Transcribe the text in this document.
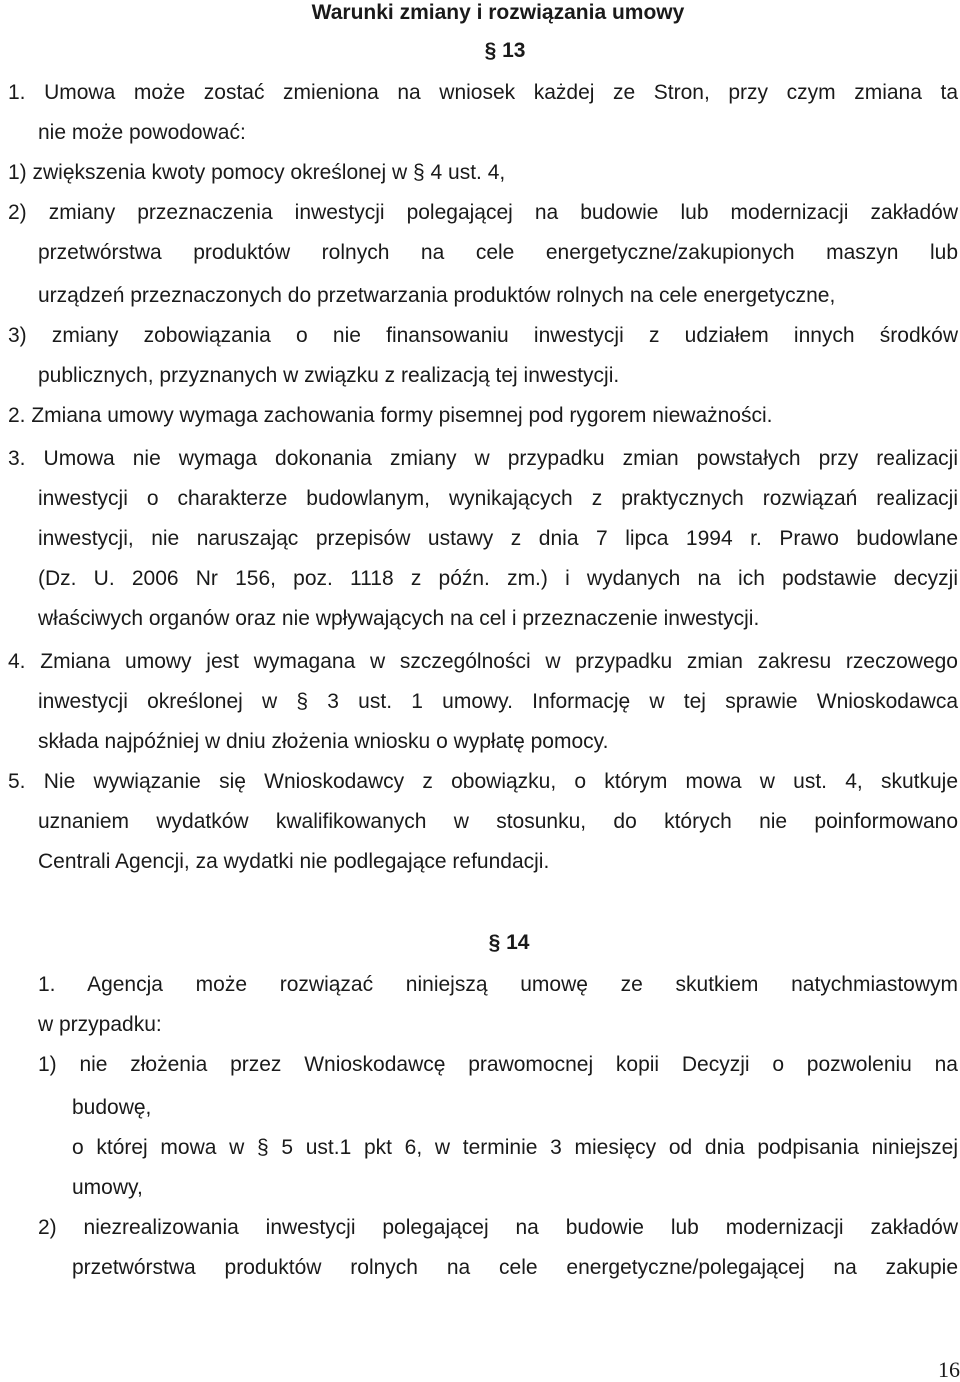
Warunki zmiany i rozwiązania umowy
§ 13
1. Umowa może zostać zmieniona na wniosek każdej ze Stron, przy czym zmiana ta
nie może powodować:
1) zwiększenia kwoty pomocy określonej w § 4 ust. 4,
2) zmiany przeznaczenia inwestycji polegającej na budowie lub modernizacji zakładów
przetwórstwa produktów rolnych na cele energetyczne/zakupionych maszyn lub
urządzeń przeznaczonych do przetwarzania produktów rolnych na cele energetyczne,
3) zmiany zobowiązania o nie finansowaniu inwestycji z udziałem innych środków
publicznych, przyznanych w związku z realizacją tej inwestycji.
2. Zmiana umowy wymaga zachowania formy pisemnej pod rygorem nieważności.
3. Umowa nie wymaga dokonania zmiany w przypadku zmian powstałych przy realizacji
inwestycji o charakterze budowlanym, wynikających z praktycznych rozwiązań realizacji
inwestycji, nie naruszając przepisów ustawy z dnia 7 lipca 1994 r. Prawo budowlane
(Dz. U. 2006 Nr 156, poz. 1118 z późn. zm.) i wydanych na ich podstawie decyzji
właściwych organów oraz nie wpływających na cel i przeznaczenie inwestycji.
4. Zmiana umowy jest wymagana w szczególności w przypadku zmian zakresu rzeczowego
inwestycji określonej w § 3 ust. 1 umowy. Informację w tej sprawie Wnioskodawca
składa najpóźniej w dniu złożenia wniosku o wypłatę pomocy.
5. Nie wywiązanie się Wnioskodawcy z obowiązku, o którym mowa w ust. 4, skutkuje
uznaniem wydatków kwalifikowanych w stosunku, do których nie poinformowano
Centrali Agencji, za wydatki nie podlegające refundacji.
§ 14
1. Agencja może rozwiązać niniejszą umowę ze skutkiem natychmiastowym
w przypadku:
1) nie złożenia przez Wnioskodawcę prawomocnej kopii Decyzji o pozwoleniu na
budowę,
o której mowa w § 5 ust.1 pkt 6, w terminie 3 miesięcy od dnia podpisania niniejszej
umowy,
2) niezrealizowania inwestycji polegającej na budowie lub modernizacji zakładów
przetwórstwa produktów rolnych na cele energetyczne/polegającej na zakupie
16
